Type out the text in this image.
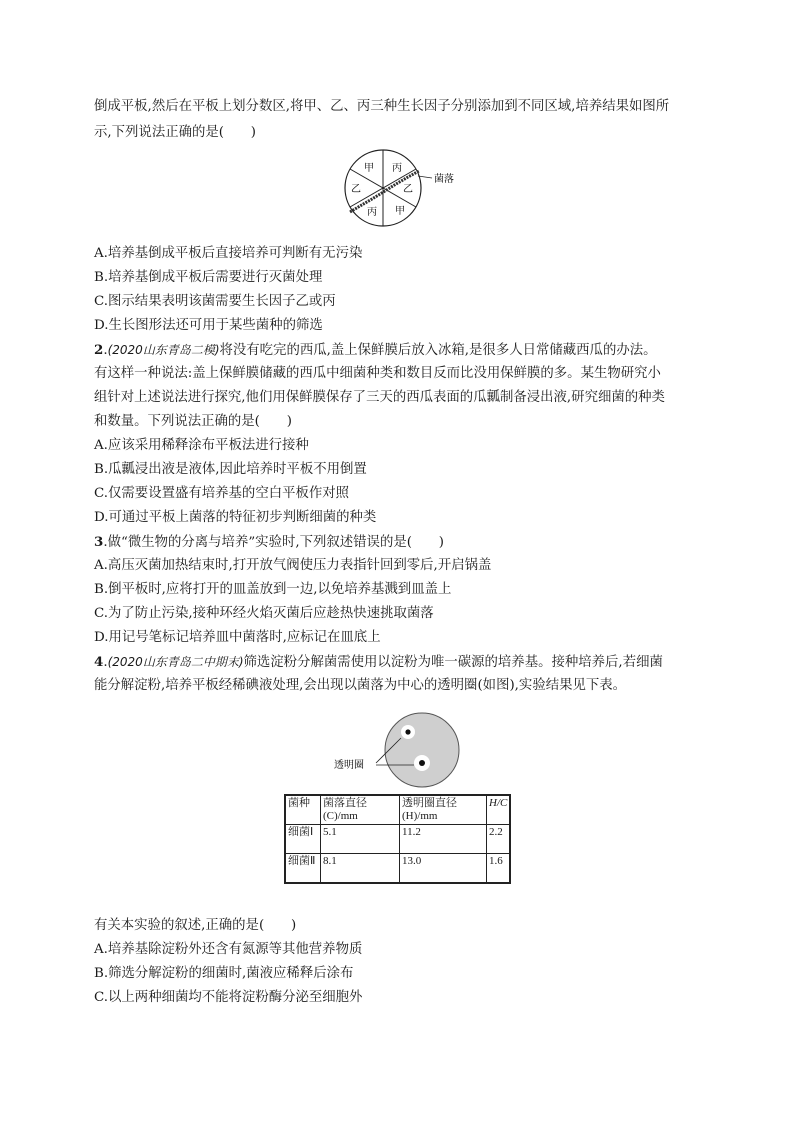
倒成平板,然后在平板上划分数区,将甲、乙、丙三种生长因子分别添加到不同区域,培养结果如图所
示,下列说法正确的是(　　)
甲 丙
乙
甲
丙
乙
菌落
A.培养基倒成平板后直接培养可判断有无污染
B.培养基倒成平板后需要进行灭菌处理
C.图示结果表明该菌需要生长因子乙或丙
D.生长图形法还可用于某些菌种的筛选
2.(2020山东青岛二模)将没有吃完的西瓜,盖上保鲜膜后放入冰箱,是很多人日常储藏西瓜的办法。
有这样一种说法:盖上保鲜膜储藏的西瓜中细菌种类和数目反而比没用保鲜膜的多。某生物研究小
组针对上述说法进行探究,他们用保鲜膜保存了三天的西瓜表面的瓜瓤制备浸出液,研究细菌的种类
和数量。下列说法正确的是(　　)
A.应该采用稀释涂布平板法进行接种
B.瓜瓤浸出液是液体,因此培养时平板不用倒置
C.仅需要设置盛有培养基的空白平板作对照
D.可通过平板上菌落的特征初步判断细菌的种类
3.做“微生物的分离与培养”实验时,下列叙述错误的是(　　)
A.高压灭菌加热结束时,打开放气阀使压力表指针回到零后,开启锅盖
B.倒平板时,应将打开的皿盖放到一边,以免培养基溅到皿盖上
C.为了防止污染,接种环经火焰灭菌后应趁热快速挑取菌落
D.用记号笔标记培养皿中菌落时,应标记在皿底上
4.(2020山东青岛二中期末)筛选淀粉分解菌需使用以淀粉为唯一碳源的培养基。接种培养后,若细菌
能分解淀粉,培养平板经稀碘液处理,会出现以菌落为中心的透明圈(如图),实验结果见下表。
透明圈
菌种	菌落直径(C)/mm	透明圈直径(H)/mm	H/C
细菌Ⅰ	5.1	11.2	2.2
细菌Ⅱ	8.1	13.0	1.6
有关本实验的叙述,正确的是(　　)
A.培养基除淀粉外还含有氮源等其他营养物质
B.筛选分解淀粉的细菌时,菌液应稀释后涂布
C.以上两种细菌均不能将淀粉酶分泌至细胞外
